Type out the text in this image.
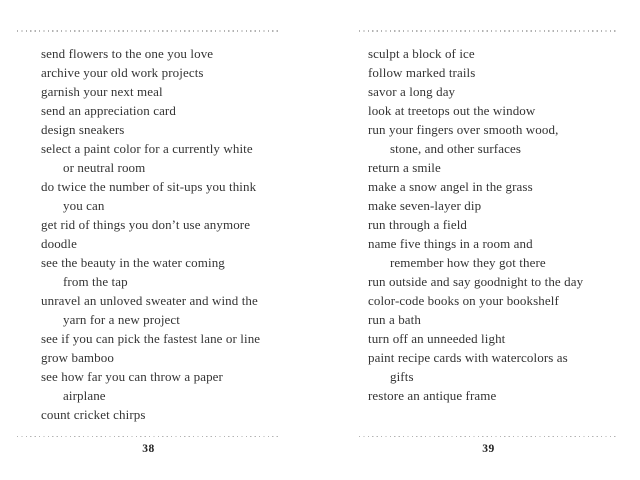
send flowers to the one you love
archive your old work projects
garnish your next meal
send an appreciation card
design sneakers
select a paint color for a currently white
or neutral room
do twice the number of sit-ups you think
you can
get rid of things you don’t use anymore
doodle
see the beauty in the water coming
from the tap
unravel an unloved sweater and wind the
yarn for a new project
see if you can pick the fastest lane or line
grow bamboo
see how far you can throw a paper
airplane
count cricket chirps
38
sculpt a block of ice
follow marked trails
savor a long day
look at treetops out the window
run your fingers over smooth wood,
stone, and other surfaces
return a smile
make a snow angel in the grass
make seven-layer dip
run through a field
name five things in a room and
remember how they got there
run outside and say goodnight to the day
color-code books on your bookshelf
run a bath
turn off an unneeded light
paint recipe cards with watercolors as
gifts
restore an antique frame
39
